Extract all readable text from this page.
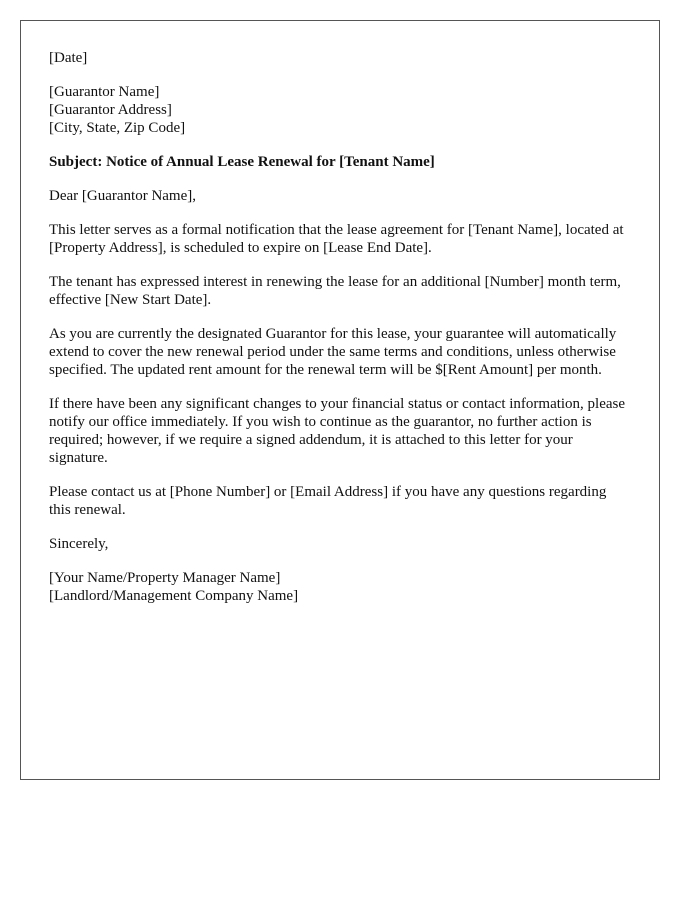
[Date]
[Guarantor Name]
[Guarantor Address]
[City, State, Zip Code]
Subject: Notice of Annual Lease Renewal for [Tenant Name]
Dear [Guarantor Name],

This letter serves as a formal notification that the lease agreement for [Tenant Name], located at [Property Address], is scheduled to expire on [Lease End Date].

The tenant has expressed interest in renewing the lease for an additional [Number] month term, effective [New Start Date].

As you are currently the designated Guarantor for this lease, your guarantee will automatically extend to cover the new renewal period under the same terms and conditions, unless otherwise specified. The updated rent amount for the renewal term will be $[Rent Amount] per month.

If there have been any significant changes to your financial status or contact information, please notify our office immediately. If you wish to continue as the guarantor, no further action is required; however, if we require a signed addendum, it is attached to this letter for your signature.

Please contact us at [Phone Number] or [Email Address] if you have any questions regarding this renewal.

Sincerely,
[Your Name/Property Manager Name]
[Landlord/Management Company Name]
